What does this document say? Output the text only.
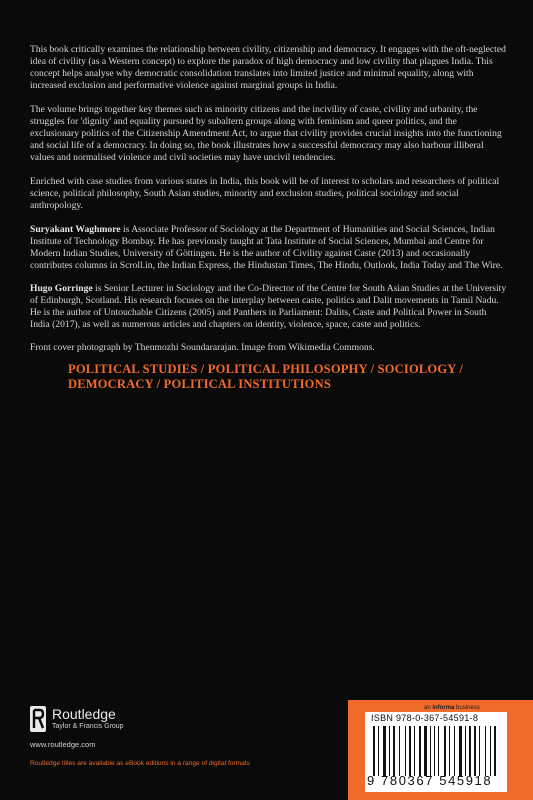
This book critically examines the relationship between civility, citizenship and democracy. It engages with the oft-neglected idea of civility (as a Western concept) to explore the paradox of high democracy and low civility that plagues India. This concept helps analyse why democratic consolidation translates into limited justice and minimal equality, along with increased exclusion and performative violence against marginal groups in India.

The volume brings together key themes such as minority citizens and the incivility of caste, civility and urbanity, the struggles for 'dignity' and equality pursued by subaltern groups along with feminism and queer politics, and the exclusionary politics of the Citizenship Amendment Act, to argue that civility provides crucial insights into the functioning and social life of a democracy. In doing so, the book illustrates how a successful democracy may also harbour illiberal values and normalised violence and civil societies may have uncivil tendencies.

Enriched with case studies from various states in India, this book will be of interest to scholars and researchers of political science, political philosophy, South Asian studies, minority and exclusion studies, political sociology and social anthropology.

Suryakant Waghmore is Associate Professor of Sociology at the Department of Humanities and Social Sciences, Indian Institute of Technology Bombay. He has previously taught at Tata Institute of Social Sciences, Mumbai and Centre for Modern Indian Studies, University of Göttingen. He is the author of Civility against Caste (2013) and occasionally contributes columns in Scroll.in, the Indian Express, the Hindustan Times, The Hindu, Outlook, India Today and The Wire.

Hugo Gorringe is Senior Lecturer in Sociology and the Co-Director of the Centre for South Asian Studies at the University of Edinburgh, Scotland. His research focuses on the interplay between caste, politics and Dalit movements in Tamil Nadu. He is the author of Untouchable Citizens (2005) and Panthers in Parliament: Dalits, Caste and Political Power in South India (2017), as well as numerous articles and chapters on identity, violence, space, caste and politics.

Front cover photograph by Thenmozhi Soundararajan. Image from Wikimedia Commons.

POLITICAL STUDIES / POLITICAL PHILOSOPHY / SOCIOLOGY /
DEMOCRACY / POLITICAL INSTITUTIONS
an informa business
ISBN 978-0-367-54591-8
9 780367 545918
Routledge
Taylor & Francis Group
www.routledge.com
Routledge titles are available as eBook editions in a range of digital formats
